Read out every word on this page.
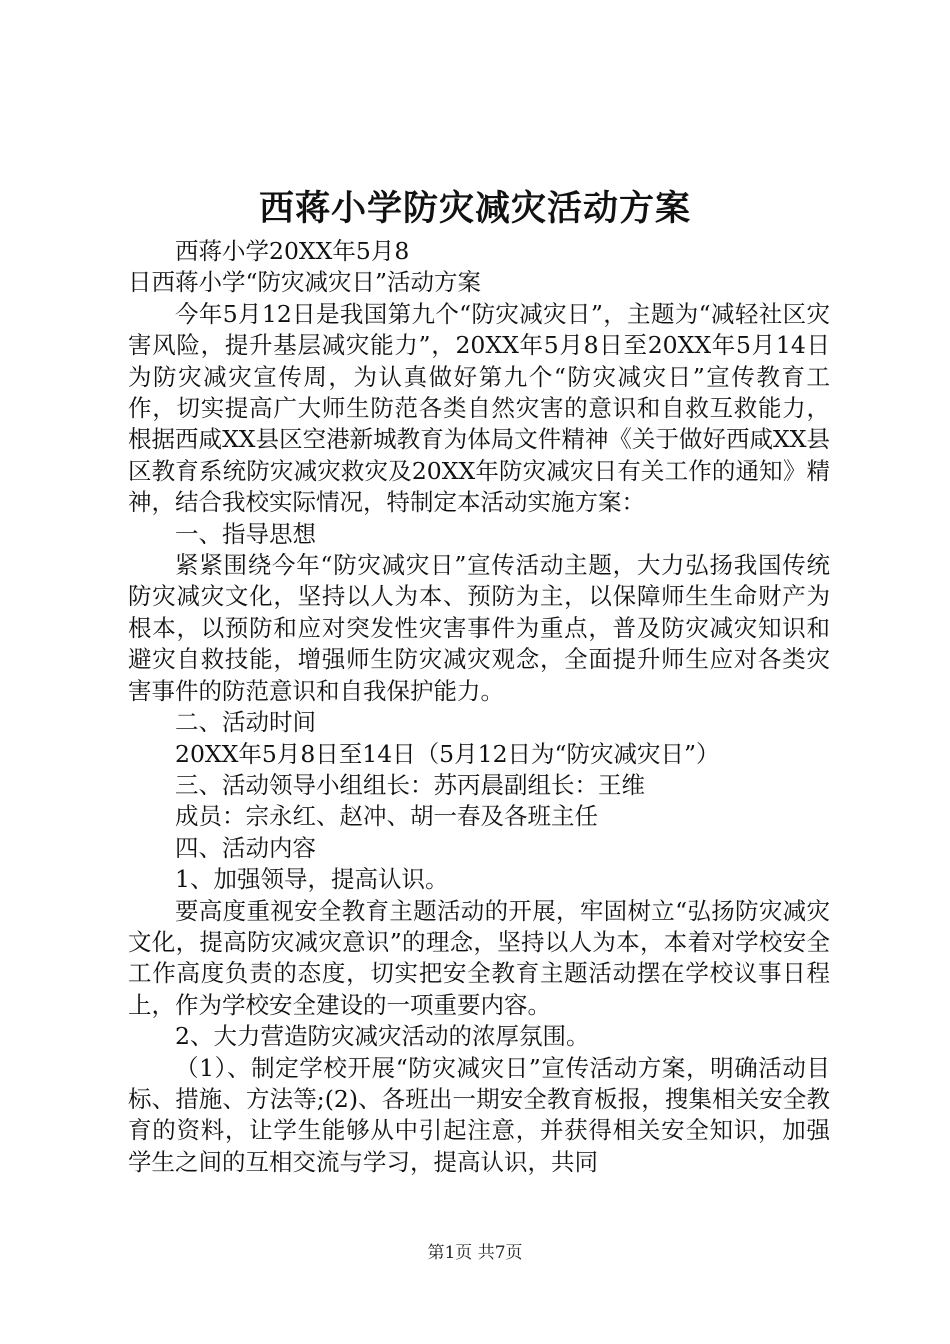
西蒋小学防灾减灾活动方案

西蒋小学20XX年5月8

日西蒋小学“防灾减灾日”活动方案

今年5月12日是我国第九个“防灾减灾日”，主题为“减轻社区灾害风险，提升基层减灾能力”，20XX年5月8日至20XX年5月14日为防灾减灾宣传周，为认真做好第九个“防灾减灾日”宣传教育工作，切实提高广大师生防范各类自然灾害的意识和自救互救能力，根据西咸XX县区空港新城教育为体局文件精神《关于做好西咸XX县区教育系统防灾减灾救灾及20XX年防灾减灾日有关工作的通知》精神，结合我校实际情况，特制定本活动实施方案：

一、指导思想

紧紧围绕今年“防灾减灾日”宣传活动主题，大力弘扬我国传统防灾减灾文化，坚持以人为本、预防为主，以保障师生生命财产为根本，以预防和应对突发性灾害事件为重点，普及防灾减灾知识和避灾自救技能，增强师生防灾减灾观念，全面提升师生应对各类灾害事件的防范意识和自我保护能力。

二、活动时间

20XX年5月8日至14日（5月12日为“防灾减灾日”）

三、活动领导小组组长：苏丙晨副组长：王维

成员：宗永红、赵冲、胡一春及各班主任

四、活动内容

1、加强领导，提高认识。

要高度重视安全教育主题活动的开展，牢固树立“弘扬防灾减灾文化，提高防灾减灾意识”的理念，坚持以人为本，本着对学校安全工作高度负责的态度，切实把安全教育主题活动摆在学校议事日程上，作为学校安全建设的一项重要内容。

2、大力营造防灾减灾活动的浓厚氛围。

（1）、制定学校开展“防灾减灾日”宣传活动方案，明确活动目标、措施、方法等;(2)、各班出一期安全教育板报，搜集相关安全教育的资料，让学生能够从中引起注意，并获得相关安全知识，加强学生之间的互相交流与学习，提高认识，共同

第1页 共7页
